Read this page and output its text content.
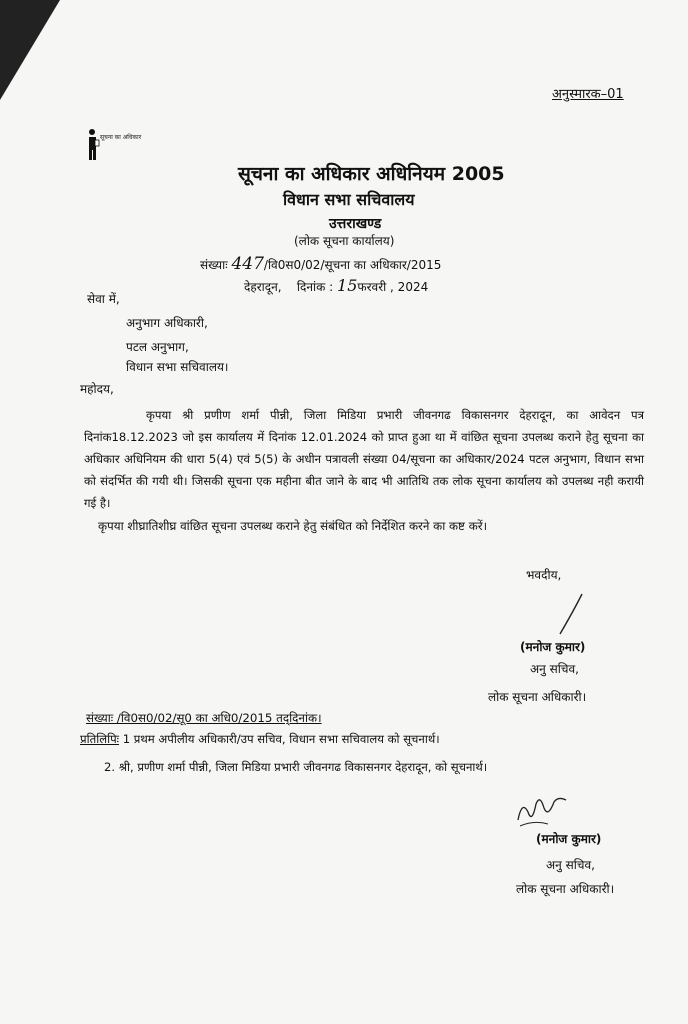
अनुस्मारक–01
सूचना का अधिकार
सूचना का अधिकार अधिनियम 2005
विधान सभा सचिवालय
उत्तराखण्ड
(लोक सूचना कार्यालय)
संख्याः 447/वि0स0/02/सूचना का अधिकार/2015
देहरादून, दिनांक : 15फरवरी , 2024
सेवा में,
अनुभाग अधिकारी,
पटल अनुभाग,
विधान सभा सचिवालय।
महोदय,
कृपया श्री प्रणीण शर्मा पीन्नी, जिला मिडिया प्रभारी जीवनगढ विकासनगर देहरादून, का आवेदन पत्र दिनांक18.12.2023 जो इस कार्यालय में दिनांक 12.01.2024 को प्राप्त हुआ था में वांछित सूचना उपलब्ध कराने हेतु सूचना का अधिकार अधिनियम की धारा 5(4) एवं 5(5) के अधीन पत्रावली संख्या 04/सूचना का अधिकार/2024 पटल अनुभाग, विधान सभा को संदर्भित की गयी थी। जिसकी सूचना एक महीना बीत जाने के बाद भी आतिथि तक लोक सूचना कार्यालय को उपलब्ध नही करायी गई है।
कृपया शीघ्रातिशीघ्र वांछित सूचना उपलब्ध कराने हेतु संबंधित को निर्देशित करने का कष्ट करें।
भवदीय,
(मनोज कुमार)
अनु सचिव,
लोक सूचना अधिकारी।
संख्याः /वि0स0/02/सू0 का अधि0/2015 तद्‌दिनांक।
प्रतिलिपिः 1 प्रथम अपीलीय अधिकारी/उप सचिव, विधान सभा सचिवालय को सूचनार्थ।
2. श्री, प्रणीण शर्मा पीन्नी, जिला मिडिया प्रभारी जीवनगढ विकासनगर देहरादून, को सूचनार्थ।
(मनोज कुमार)
अनु सचिव,
लोक सूचना अधिकारी।
